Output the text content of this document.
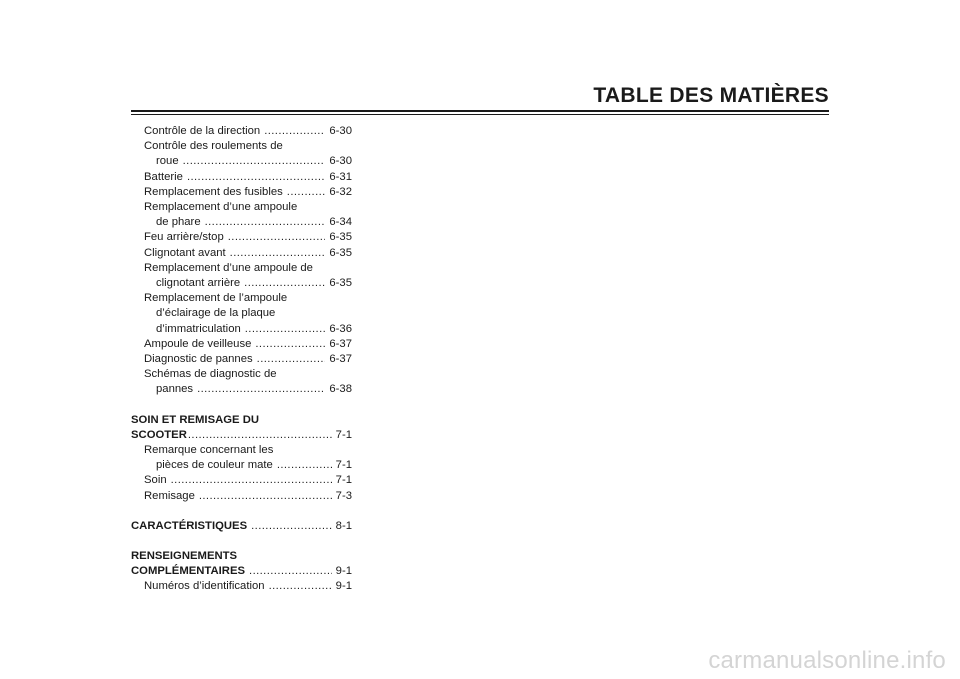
TABLE DES MATIÈRES
Contrôle de la direction .....	6-30
Contrôle des roulements de
roue .....	6-30
Batterie .....	6-31
Remplacement des fusibles .....	6-32
Remplacement d’une ampoule
de phare .....	6-34
Feu arrière/stop .....	6-35
Clignotant avant .....	6-35
Remplacement d’une ampoule de
clignotant arrière .....	6-35
Remplacement de l’ampoule
d’éclairage de la plaque
d’immatriculation .....	6-36
Ampoule de veilleuse .....	6-37
Diagnostic de pannes .....	6-37
Schémas de diagnostic de
pannes .....	6-38
SOIN ET REMISAGE DU
SCOOTER .....	7-1
Remarque concernant les
pièces de couleur mate .....	7-1
Soin .....	7-1
Remisage .....	7-3
CARACTÉRISTIQUES .....	8-1
RENSEIGNEMENTS
COMPLÉMENTAIRES .....	9-1
Numéros d’identification .....	9-1
carmanualsonline.info
